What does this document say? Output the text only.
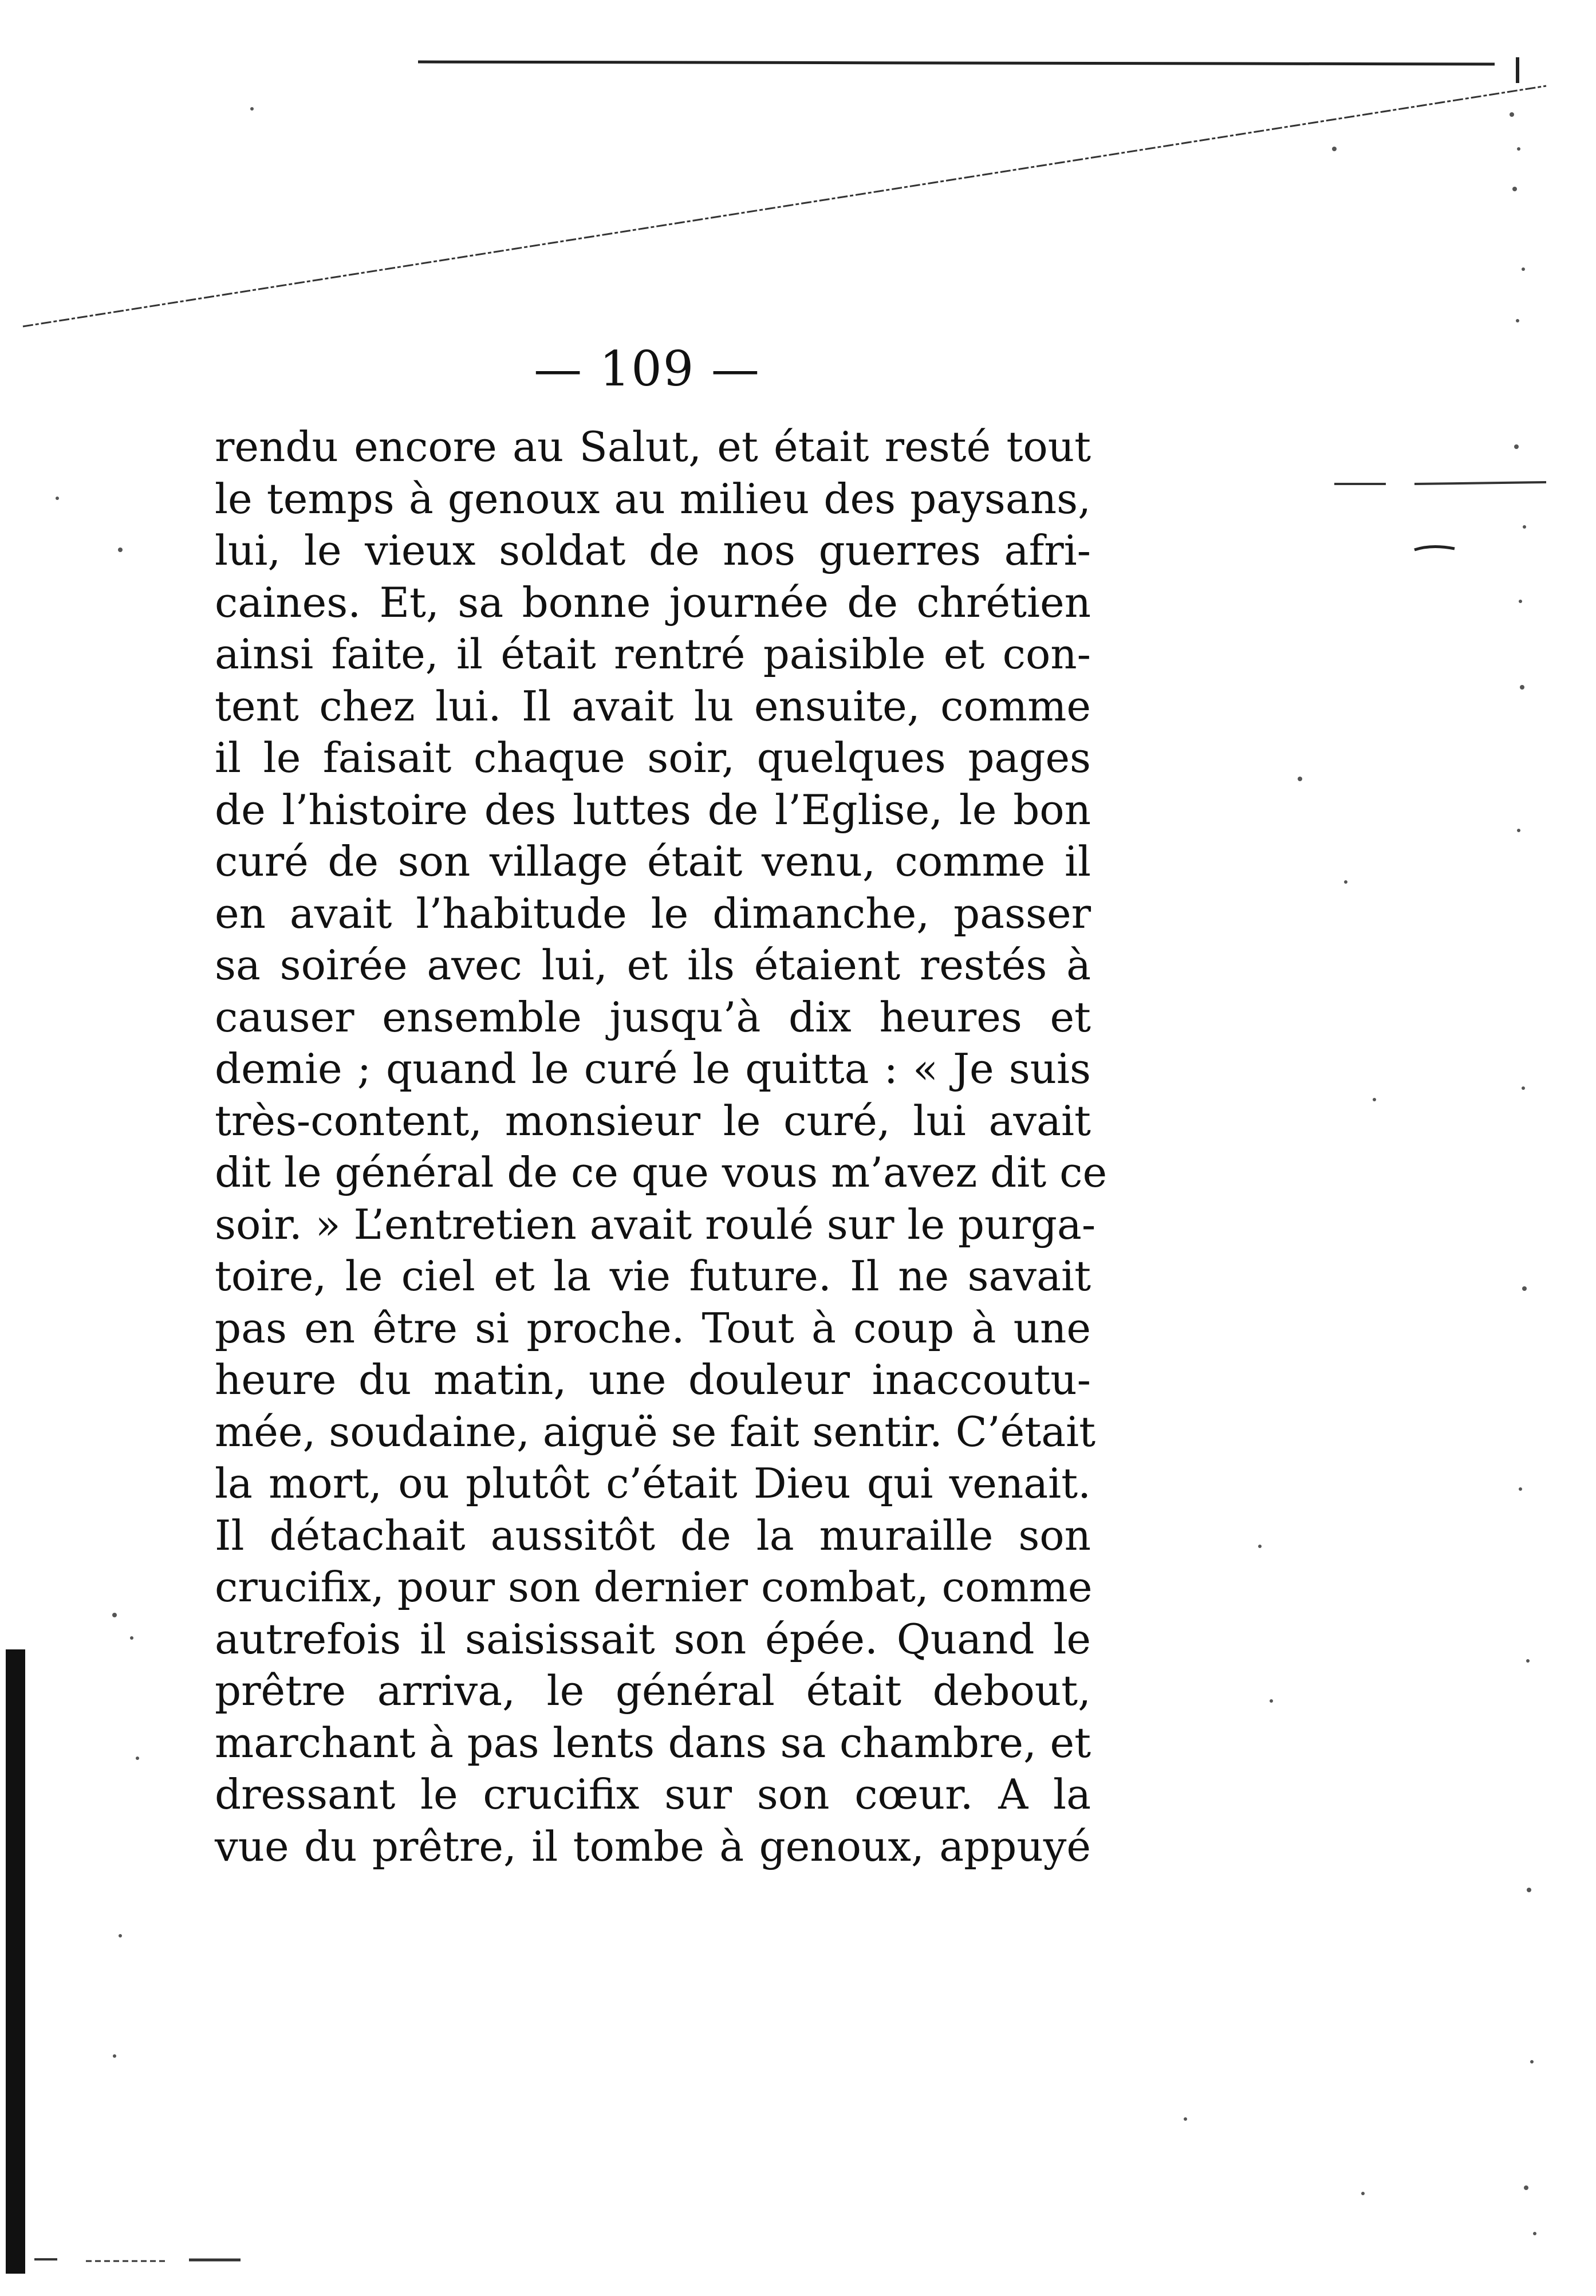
— 109 —
rendu encore au Salut, et était resté tout
le temps à genoux au milieu des paysans,
lui, le vieux soldat de nos guerres afri-
caines. Et, sa bonne journée de chrétien
ainsi faite, il était rentré paisible et con-
tent chez lui. Il avait lu ensuite, comme
il le faisait chaque soir, quelques pages
de l’histoire des luttes de l’Eglise, le bon
curé de son village était venu, comme il
en avait l’habitude le dimanche, passer
sa soirée avec lui, et ils étaient restés à
causer ensemble jusqu’à dix heures et
demie ; quand le curé le quitta : « Je suis
très-content, monsieur le curé, lui avait
dit le général de ce que vous m’avez dit ce
soir. » L’entretien avait roulé sur le purga-
toire, le ciel et la vie future. Il ne savait
pas en être si proche. Tout à coup à une
heure du matin, une douleur inaccoutu-
mée, soudaine, aiguë se fait sentir. C’était
la mort, ou plutôt c’était Dieu qui venait.
Il détachait aussitôt de la muraille son
crucifix, pour son dernier combat, comme
autrefois il saisissait son épée. Quand le
prêtre arriva, le général était debout,
marchant à pas lents dans sa chambre, et
dressant le crucifix sur son cœur. A la
vue du prêtre, il tombe à genoux, appuyé
